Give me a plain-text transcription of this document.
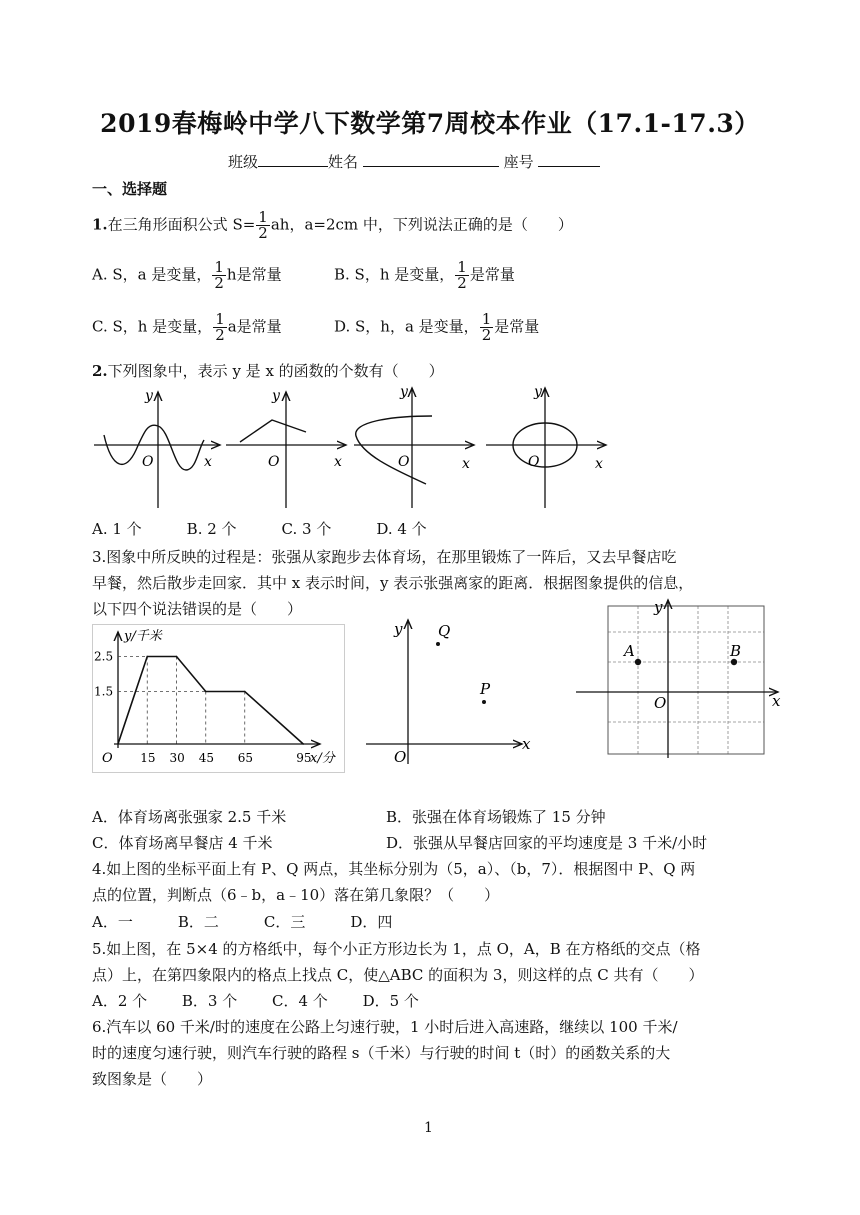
2019春梅岭中学八下数学第7周校本作业（17.1-17.3）
班级	姓名	座号
一、选择题
1.在三角形面积公式 $S= \frac{1}{2}$ ah，a=2cm 中，下列说法正确的是（　　）
A. S，a 是变量， $\frac{1}{2}$ h是常量	B. S，h 是变量， $\frac{1}{2}$ 是常量
C. S，h 是变量， $\frac{1}{2}$ a是常量	D. S，h，a 是变量， $\frac{1}{2}$ 是常量
2.下列图象中，表示 y 是 x 的函数的个数有（　　）
y
x
O
y
x
O
y
x
O
y
x
O
A. 1 个　　　B. 2 个　　　C. 3 个　　　D. 4 个
3.图象中所反映的过程是：张强从家跑步去体育场，在那里锻炼了一阵后，又去早餐店吃
早餐，然后散步走回家．其中 x 表示时间，y 表示张强离家的距离．根据图象提供的信息，
以下四个说法错误的是（　　）
15 30 45 65	95
2.5
1.5
O
y/千米
x/分
y
x
O
Q
P
y
x
O
A	B
A．体育场离张强家 2.5 千米	B．张强在体育场锻炼了 15 分钟
C．体育场离早餐店 4 千米	D．张强从早餐店回家的平均速度是 3 千米/小时
4.如上图的坐标平面上有 P、Q 两点，其坐标分别为（5，a）、（b，7）．根据图中 P、Q 两
点的位置，判断点（6﹣b，a﹣10）落在第几象限？（　　）
A．一　　　B．二　　　C．三　　　D．四
5.如上图，在 5×4 的方格纸中，每个小正方形边长为 1，点 O，A，B 在方格纸的交点（格
点）上，在第四象限内的格点上找点 C，使△ABC 的面积为 3，则这样的点 C 共有（　　）
A．2 个　　 B．3 个　　 C．4 个　　 D．5 个
6.汽车以 60 千米/时的速度在公路上匀速行驶，1 小时后进入高速路，继续以 100 千米/
时的速度匀速行驶，则汽车行驶的路程 s（千米）与行驶的时间 t（时）的函数关系的大
致图象是（　　）
1
